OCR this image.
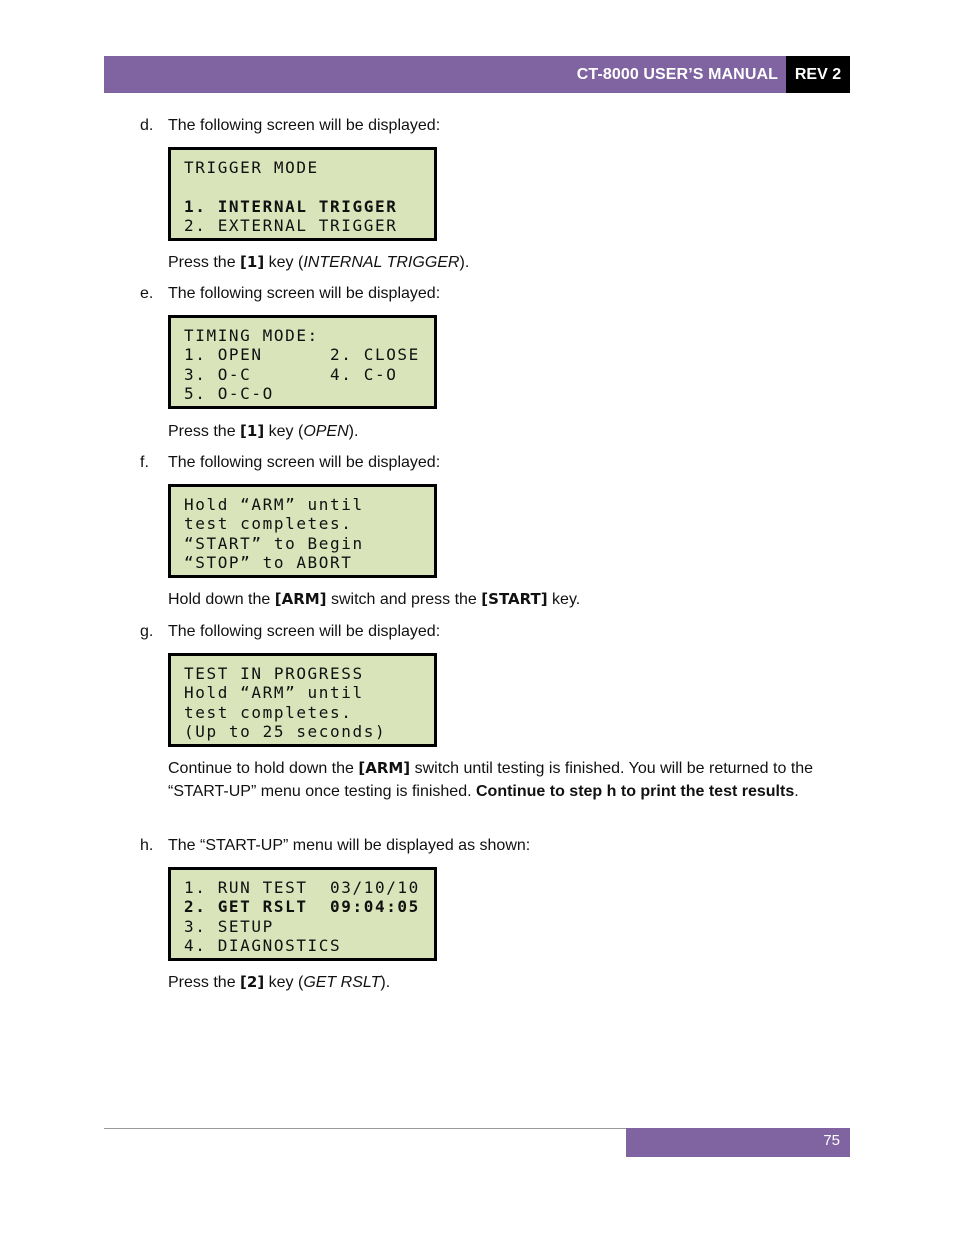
CT-8000 USER’S MANUAL	REV 2
d. The following screen will be displayed:
TRIGGER MODE
1. INTERNAL TRIGGER
2. EXTERNAL TRIGGER
Press the [1] key (INTERNAL TRIGGER).
e. The following screen will be displayed:
TIMING MODE:
1. OPEN      2. CLOSE
3. O-C       4. C-O
5. O-C-O
Press the [1] key (OPEN).
f. The following screen will be displayed:
Hold “ARM” until
test completes.
“START” to Begin
“STOP” to ABORT
Hold down the [ARM] switch and press the [START] key.
g. The following screen will be displayed:
TEST IN PROGRESS
Hold “ARM” until
test completes.
(Up to 25 seconds)
Continue to hold down the [ARM] switch until testing is finished. You will be returned to the “START-UP” menu once testing is finished. Continue to step h to print the test results.
h. The “START-UP” menu will be displayed as shown:
1. RUN TEST  03/10/10
2. GET RSLT  09:04:05
3. SETUP
4. DIAGNOSTICS
Press the [2] key (GET RSLT).
75
